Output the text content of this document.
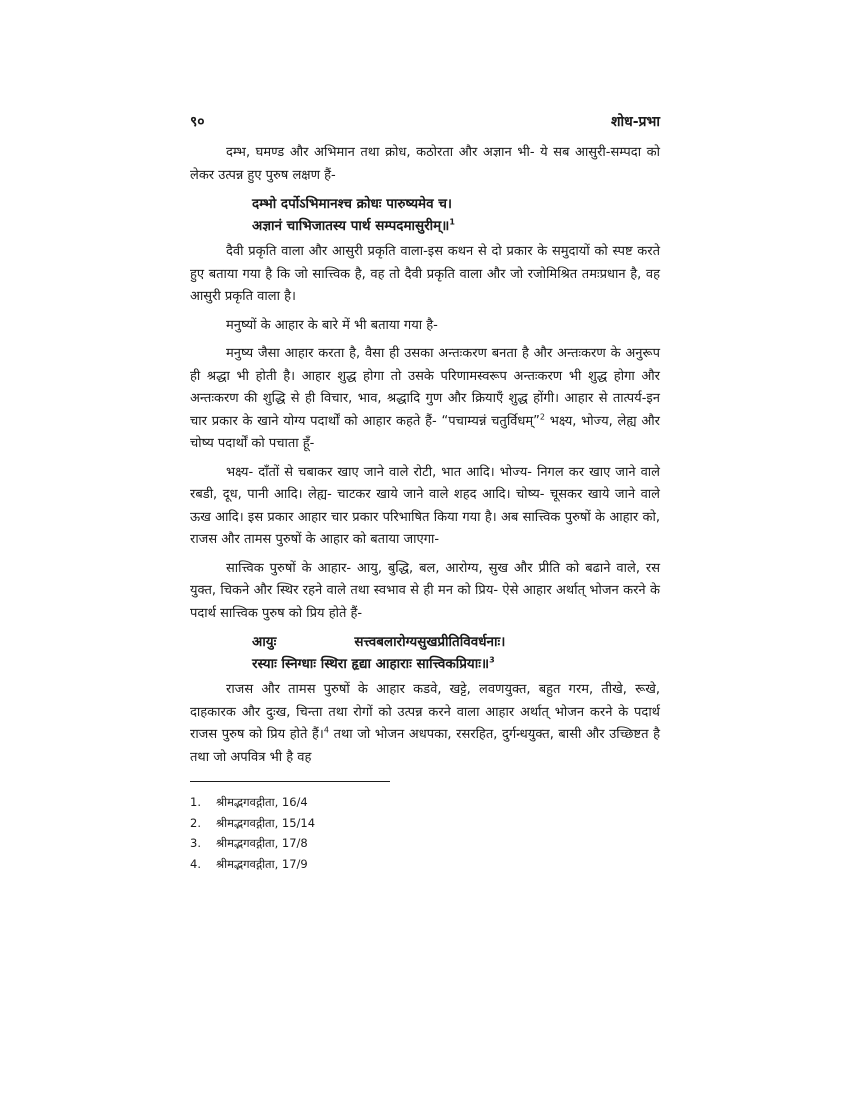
९०	शोध-प्रभा

दम्भ, घमण्ड और अभिमान तथा क्रोध, कठोरता और अज्ञान भी- ये सब आसुरी-सम्पदा को लेकर उत्पन्न हुए पुरुष लक्षण हैं-

दम्भो दर्पोऽभिमानश्च क्रोधः पारुष्यमेव च।
अज्ञानं चाभिजातस्य पार्थ सम्पदमासुरीम्॥$^1$

दैवी प्रकृति वाला और आसुरी प्रकृति वाला-इस कथन से दो प्रकार के समुदायों को स्पष्ट करते हुए बताया गया है कि जो सात्त्विक है, वह तो दैवी प्रकृति वाला और जो रजोमिश्रित तमःप्रधान है, वह आसुरी प्रकृति वाला है।

मनुष्यों के आहार के बारे में भी बताया गया है-

मनुष्य जैसा आहार करता है, वैसा ही उसका अन्तःकरण बनता है और अन्तःकरण के अनुरूप ही श्रद्धा भी होती है। आहार शुद्ध होगा तो उसके परिणामस्वरूप अन्तःकरण भी शुद्ध होगा और अन्तःकरण की शुद्धि से ही विचार, भाव, श्रद्धादि गुण और क्रियाएँ शुद्ध होंगी। आहार से तात्पर्य-इन चार प्रकार के खाने योग्य पदार्थों को आहार कहते हैं- “पचाम्यन्नं चतुर्विधम्”$^2$ भक्ष्य, भोज्य, लेह्य और चोष्य पदार्थों को पचाता हूँ-

भक्ष्य- दाँतों से चबाकर खाए जाने वाले रोटी, भात आदि। भोज्य- निगल कर खाए जाने वाले रबडी, दूध, पानी आदि। लेह्य- चाटकर खाये जाने वाले शहद आदि। चोष्य- चूसकर खाये जाने वाले ऊख आदि। इस प्रकार आहार चार प्रकार परिभाषित किया गया है। अब सात्त्विक पुरुषों के आहार को, राजस और तामस पुरुषों के आहार को बताया जाएगा-

सात्त्विक पुरुषों के आहार- आयु, बुद्धि, बल, आरोग्य, सुख और प्रीति को बढाने वाले, रस युक्त, चिकने और स्थिर रहने वाले तथा स्वभाव से ही मन को प्रिय- ऐसे आहार अर्थात् भोजन करने के पदार्थ सात्त्विक पुरुष को प्रिय होते हैं-

आयुः	सत्त्वबलारोग्यसुखप्रीतिविवर्धनाः।
रस्याः स्निग्धाः स्थिरा हृद्या आहाराः सात्त्विकप्रियाः॥$^3$

राजस और तामस पुरुषों के आहार कडवे, खट्टे, लवणयुक्त, बहुत गरम, तीखे, रूखे, दाहकारक और दुःख, चिन्ता तथा रोगों को उत्पन्न करने वाला आहार अर्थात् भोजन करने के पदार्थ राजस पुरुष को प्रिय होते हैं।$^4$ तथा जो भोजन अधपका, रसरहित, दुर्गन्धयुक्त, बासी और उच्छिष्टत है तथा जो अपवित्र भी है वह

1.	श्रीमद्भगवद्गीता, 16/4
2.	श्रीमद्भगवद्गीता, 15/14
3.	श्रीमद्भगवद्गीता, 17/8
4.	श्रीमद्भगवद्गीता, 17/9
